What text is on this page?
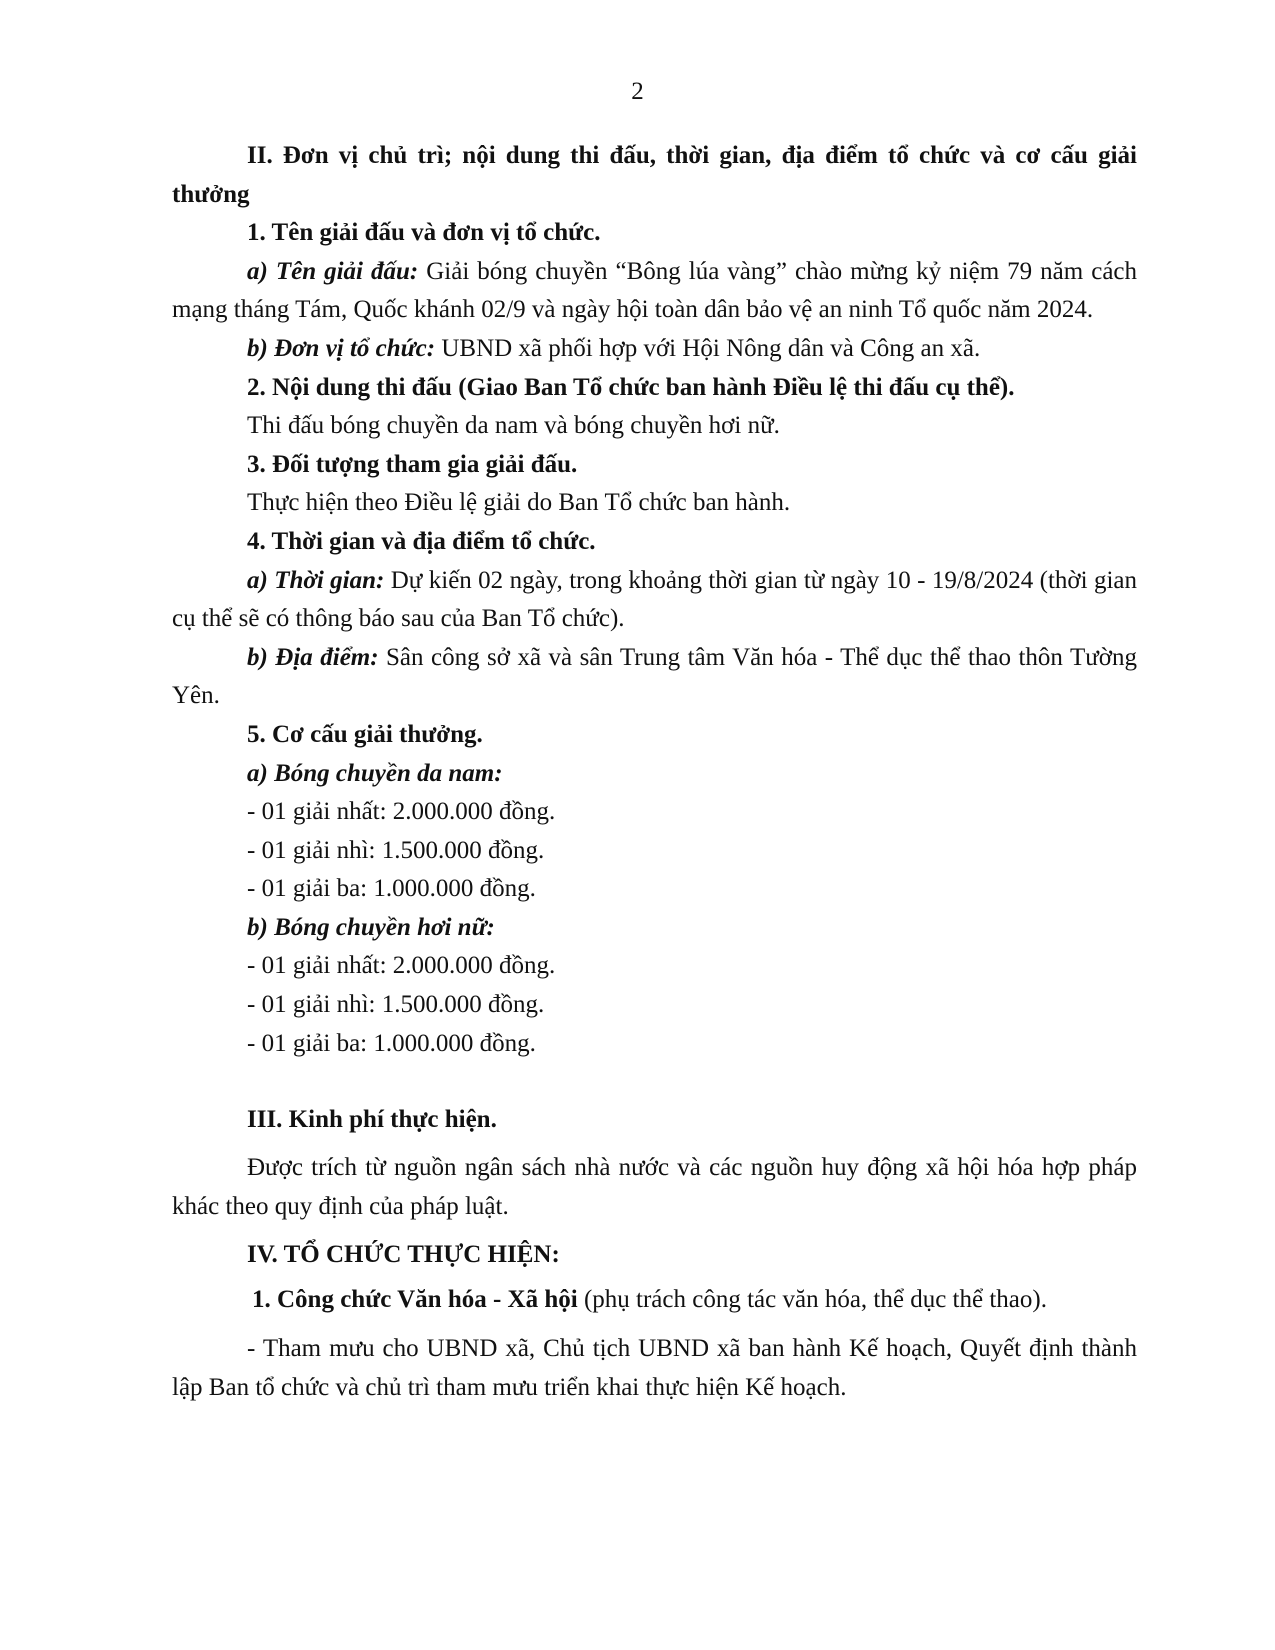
2

II. Đơn vị chủ trì; nội dung thi đấu, thời gian, địa điểm tổ chức và cơ cấu giải thưởng

1. Tên giải đấu và đơn vị tổ chức.

a) Tên giải đấu: Giải bóng chuyền “Bông lúa vàng” chào mừng kỷ niệm 79 năm cách mạng tháng Tám, Quốc khánh 02/9 và ngày hội toàn dân bảo vệ an ninh Tổ quốc năm 2024.

b) Đơn vị tổ chức: UBND xã phối hợp với Hội Nông dân và Công an xã.

2. Nội dung thi đấu (Giao Ban Tổ chức ban hành Điều lệ thi đấu cụ thể).

Thi đấu bóng chuyền da nam và bóng chuyền hơi nữ.

3. Đối tượng tham gia giải đấu.

Thực hiện theo Điều lệ giải do Ban Tổ chức ban hành.

4. Thời gian và địa điểm tổ chức.

a) Thời gian: Dự kiến 02 ngày, trong khoảng thời gian từ ngày 10 - 19/8/2024 (thời gian cụ thể sẽ có thông báo sau của Ban Tổ chức).

b) Địa điểm: Sân công sở xã và sân Trung tâm Văn hóa - Thể dục thể thao thôn Tường Yên.

5. Cơ cấu giải thưởng.

a) Bóng chuyền da nam:

- 01 giải nhất: 2.000.000 đồng.

- 01 giải nhì: 1.500.000 đồng.

- 01 giải ba: 1.000.000 đồng.

b) Bóng chuyền hơi nữ:

- 01 giải nhất: 2.000.000 đồng.

- 01 giải nhì: 1.500.000 đồng.

- 01 giải ba: 1.000.000 đồng.

III. Kinh phí thực hiện.

Được trích từ nguồn ngân sách nhà nước và các nguồn huy động xã hội hóa hợp pháp khác theo quy định của pháp luật.

IV. TỔ CHỨC THỰC HIỆN:

1. Công chức Văn hóa - Xã hội (phụ trách công tác văn hóa, thể dục thể thao).

- Tham mưu cho UBND xã, Chủ tịch UBND xã ban hành Kế hoạch, Quyết định thành lập Ban tổ chức và chủ trì tham mưu triển khai thực hiện Kế hoạch.
